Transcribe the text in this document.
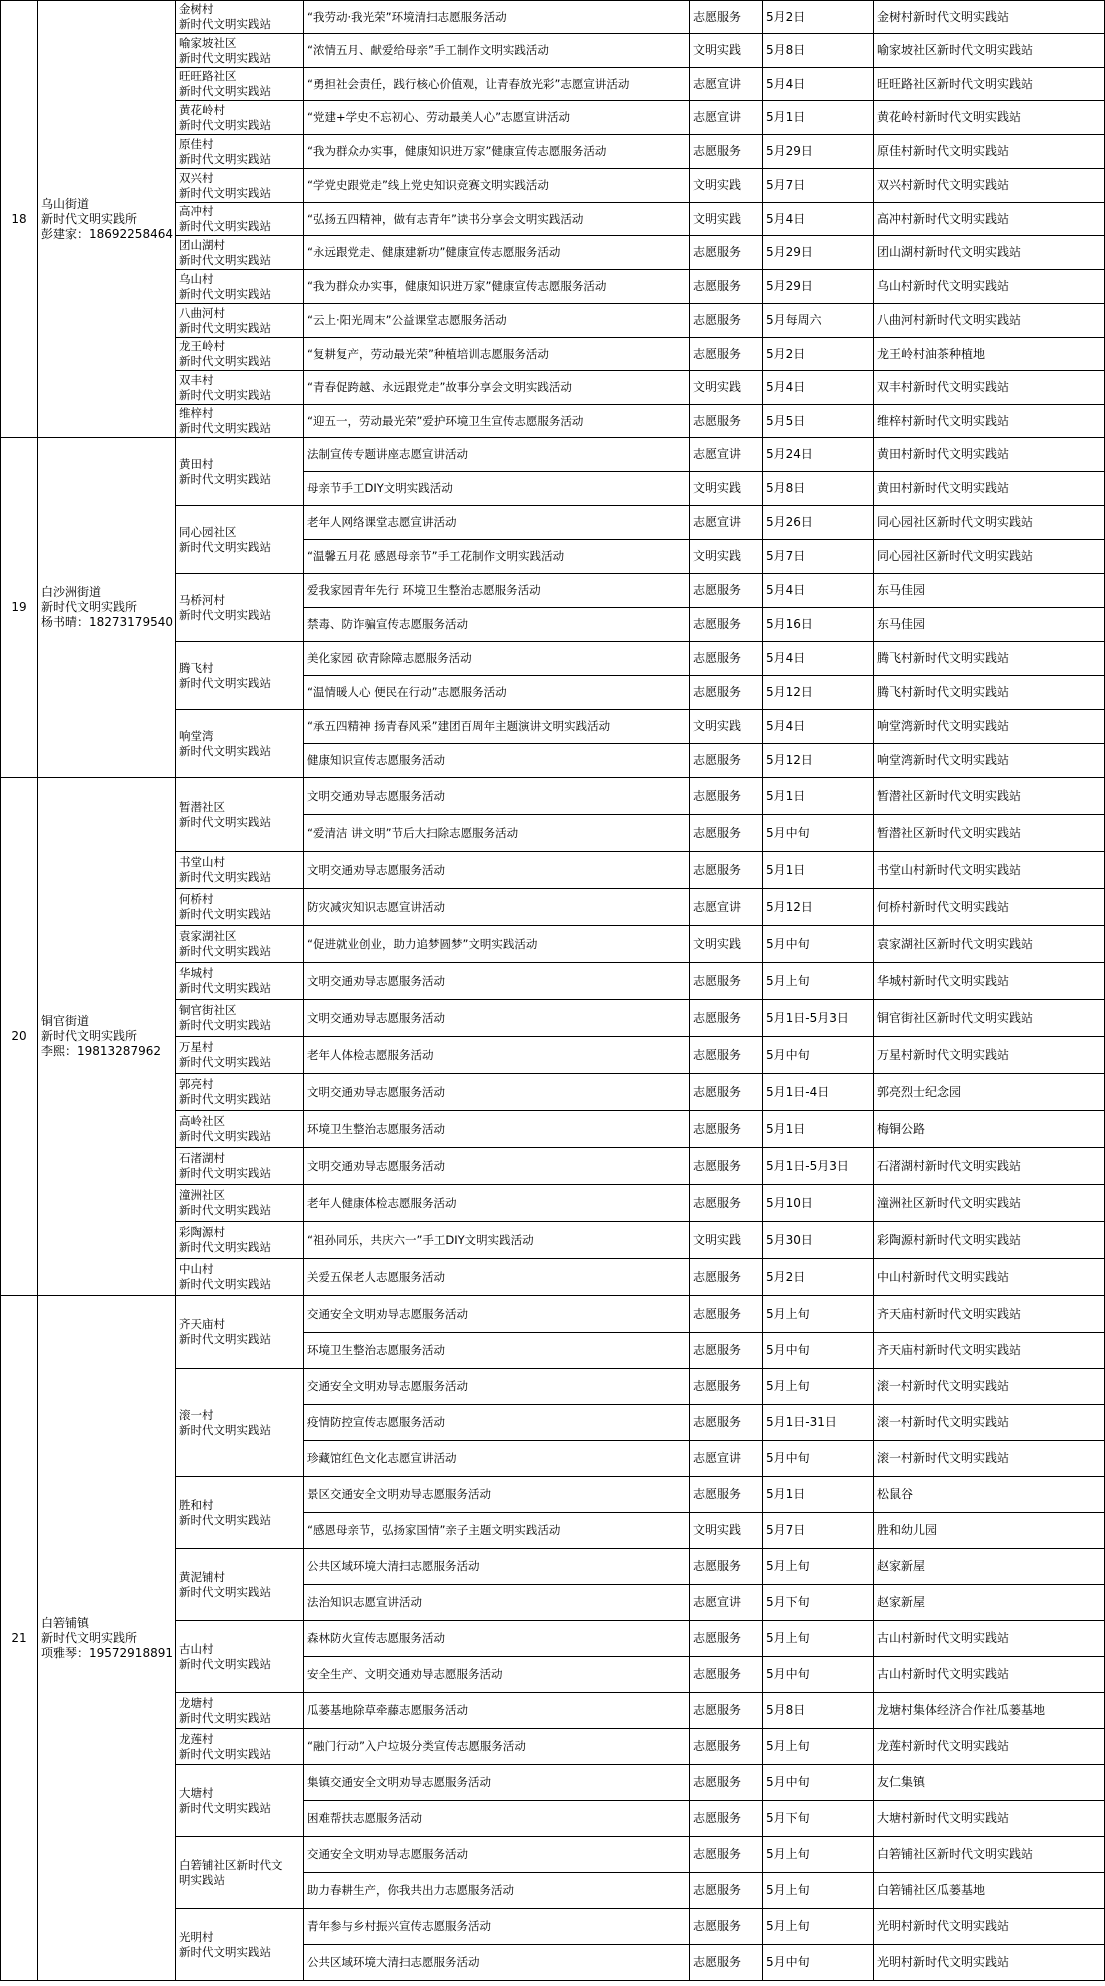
18	乌山街道
新时代文明实践所
彭建家：18692258464	金树村
新时代文明实践站	“我劳动·我光荣”环境清扫志愿服务活动	志愿服务	5月2日	金树村新时代文明实践站

		喻家坡社区
新时代文明实践站	“浓情五月、献爱给母亲”手工制作文明实践活动	文明实践	5月8日	喻家坡社区新时代文明实践站

		旺旺路社区
新时代文明实践站	“勇担社会责任，践行核心价值观，让青春放光彩”志愿宣讲活动	志愿宣讲	5月4日	旺旺路社区新时代文明实践站

		黄花岭村
新时代文明实践站	“党建+学史不忘初心、劳动最美人心”志愿宣讲活动	志愿宣讲	5月1日	黄花岭村新时代文明实践站

		原佳村
新时代文明实践站	“我为群众办实事，健康知识进万家”健康宣传志愿服务活动	志愿服务	5月29日	原佳村新时代文明实践站

		双兴村
新时代文明实践站	“学党史跟党走”线上党史知识竞赛文明实践活动	文明实践	5月7日	双兴村新时代文明实践站

		高冲村
新时代文明实践站	“弘扬五四精神，做有志青年”读书分享会文明实践活动	文明实践	5月4日	高冲村新时代文明实践站

		团山湖村
新时代文明实践站	“永远跟党走、健康建新功”健康宣传志愿服务活动	志愿服务	5月29日	团山湖村新时代文明实践站

		乌山村
新时代文明实践站	“我为群众办实事，健康知识进万家”健康宣传志愿服务活动	志愿服务	5月29日	乌山村新时代文明实践站

		八曲河村
新时代文明实践站	“云上·阳光周末”公益课堂志愿服务活动	志愿服务	5月每周六	八曲河村新时代文明实践站

		龙王岭村
新时代文明实践站	“复耕复产，劳动最光荣”种植培训志愿服务活动	志愿服务	5月2日	龙王岭村油茶种植地

		双丰村
新时代文明实践站	“青春促跨越、永远跟党走”故事分享会文明实践活动	文明实践	5月4日	双丰村新时代文明实践站

		维梓村
新时代文明实践站	“迎五一，劳动最光荣”爱护环境卫生宣传志愿服务活动	志愿服务	5月5日	维梓村新时代文明实践站
19	白沙洲街道
新时代文明实践所
杨书晴：18273179540	黄田村
新时代文明实践站	法制宣传专题讲座志愿宣讲活动	志愿宣讲	5月24日	黄田村新时代文明实践站
			母亲节手工DIY文明实践活动	文明实践	5月8日	黄田村新时代文明实践站

		同心园社区
新时代文明实践站	老年人网络课堂志愿宣讲活动	志愿宣讲	5月26日	同心园社区新时代文明实践站
			“温馨五月花 感恩母亲节”手工花制作文明实践活动	文明实践	5月7日	同心园社区新时代文明实践站

		马桥河村
新时代文明实践站	爱我家园青年先行 环境卫生整治志愿服务活动	志愿服务	5月4日	东马佳园
			禁毒、防诈骗宣传志愿服务活动	志愿服务	5月16日	东马佳园

		腾飞村
新时代文明实践站	美化家园 砍青除障志愿服务活动	志愿服务	5月4日	腾飞村新时代文明实践站
			“温情暖人心 便民在行动”志愿服务活动	志愿服务	5月12日	腾飞村新时代文明实践站

		响堂湾
新时代文明实践站	“承五四精神 扬青春风采”建团百周年主题演讲文明实践活动	文明实践	5月4日	响堂湾新时代文明实践站
			健康知识宣传志愿服务活动	志愿服务	5月12日	响堂湾新时代文明实践站
20	铜官街道
新时代文明实践所
李熙：19813287962	暂潜社区
新时代文明实践站	文明交通劝导志愿服务活动	志愿服务	5月1日	暂潜社区新时代文明实践站
			“爱清洁 讲文明”节后大扫除志愿服务活动	志愿服务	5月中旬	暂潜社区新时代文明实践站

		书堂山村
新时代文明实践站	文明交通劝导志愿服务活动	志愿服务	5月1日	书堂山村新时代文明实践站

		何桥村
新时代文明实践站	防灾减灾知识志愿宣讲活动	志愿宣讲	5月12日	何桥村新时代文明实践站

		袁家湖社区
新时代文明实践站	“促进就业创业，助力追梦圆梦”文明实践活动	文明实践	5月中旬	袁家湖社区新时代文明实践站

		华城村
新时代文明实践站	文明交通劝导志愿服务活动	志愿服务	5月上旬	华城村新时代文明实践站

		铜官街社区
新时代文明实践站	文明交通劝导志愿服务活动	志愿服务	5月1日-5月3日	铜官街社区新时代文明实践站

		万星村
新时代文明实践站	老年人体检志愿服务活动	志愿服务	5月中旬	万星村新时代文明实践站

		郭亮村
新时代文明实践站	文明交通劝导志愿服务活动	志愿服务	5月1日-4日	郭亮烈士纪念园

		高岭社区
新时代文明实践站	环境卫生整治志愿服务活动	志愿服务	5月1日	梅铜公路

		石渚湖村
新时代文明实践站	文明交通劝导志愿服务活动	志愿服务	5月1日-5月3日	石渚湖村新时代文明实践站

		潼洲社区
新时代文明实践站	老年人健康体检志愿服务活动	志愿服务	5月10日	潼洲社区新时代文明实践站

		彩陶源村
新时代文明实践站	“祖孙同乐，共庆六一”手工DIY文明实践活动	文明实践	5月30日	彩陶源村新时代文明实践站

		中山村
新时代文明实践站	关爱五保老人志愿服务活动	志愿服务	5月2日	中山村新时代文明实践站
21	白箬铺镇
新时代文明实践所
项雅琴：19572918891	齐天庙村
新时代文明实践站	交通安全文明劝导志愿服务活动	志愿服务	5月上旬	齐天庙村新时代文明实践站
			环境卫生整治志愿服务活动	志愿服务	5月中旬	齐天庙村新时代文明实践站

		滚一村
新时代文明实践站	交通安全文明劝导志愿服务活动	志愿服务	5月上旬	滚一村新时代文明实践站
			疫情防控宣传志愿服务活动	志愿服务	5月1日-31日	滚一村新时代文明实践站
			珍藏馆红色文化志愿宣讲活动	志愿宣讲	5月中旬	滚一村新时代文明实践站

		胜和村
新时代文明实践站	景区交通安全文明劝导志愿服务活动	志愿服务	5月1日	松鼠谷
			“感恩母亲节，弘扬家国情”亲子主题文明实践活动	文明实践	5月7日	胜和幼儿园

		黄泥铺村
新时代文明实践站	公共区域环境大清扫志愿服务活动	志愿服务	5月上旬	赵家新屋
			法治知识志愿宣讲活动	志愿宣讲	5月下旬	赵家新屋

		古山村
新时代文明实践站	森林防火宣传志愿服务活动	志愿服务	5月上旬	古山村新时代文明实践站
			安全生产、文明交通劝导志愿服务活动	志愿服务	5月中旬	古山村新时代文明实践站

		龙塘村
新时代文明实践站	瓜蒌基地除草牵藤志愿服务活动	志愿服务	5月8日	龙塘村集体经济合作社瓜蒌基地

		龙莲村
新时代文明实践站	“融门行动”入户垃圾分类宣传志愿服务活动	志愿服务	5月上旬	龙莲村新时代文明实践站

		大塘村
新时代文明实践站	集镇交通安全文明劝导志愿服务活动	志愿服务	5月中旬	友仁集镇
			困难帮扶志愿服务活动	志愿服务	5月下旬	大塘村新时代文明实践站

		白箬铺社区新时代文
明实践站	交通安全文明劝导志愿服务活动	志愿服务	5月上旬	白箬铺社区新时代文明实践站
			助力春耕生产，你我共出力志愿服务活动	志愿服务	5月上旬	白箬铺社区瓜蒌基地

		光明村
新时代文明实践站	青年参与乡村振兴宣传志愿服务活动	志愿服务	5月上旬	光明村新时代文明实践站
			公共区域环境大清扫志愿服务活动	志愿服务	5月中旬	光明村新时代文明实践站
